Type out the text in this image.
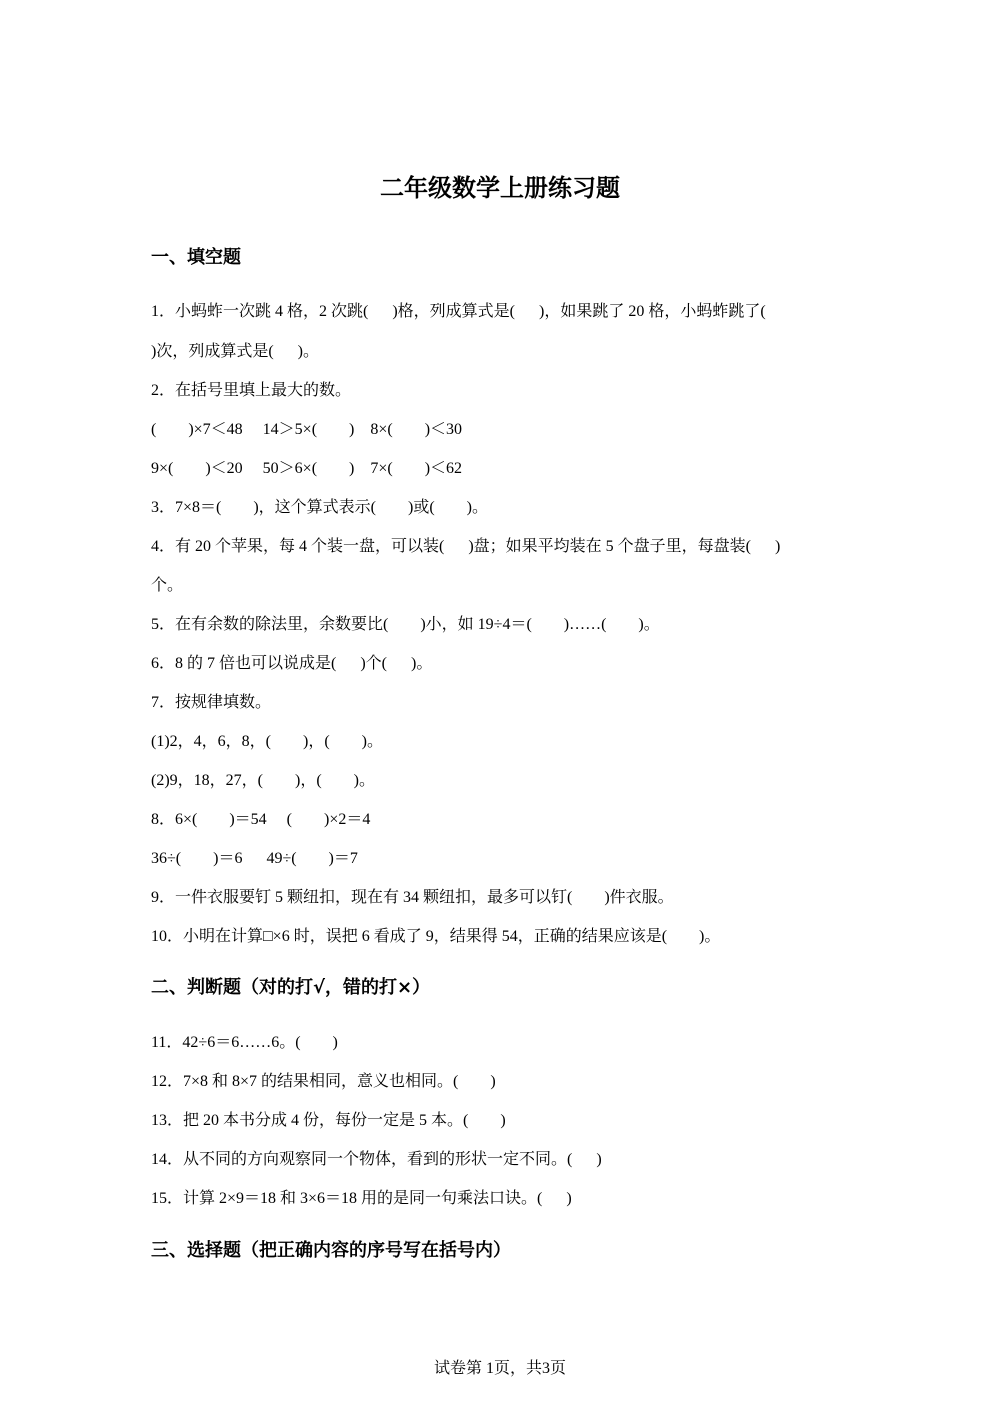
二年级数学上册练习题
一、填空题
1．小蚂蚱一次跳 4 格，2 次跳(      )格，列成算式是(      )，如果跳了 20 格，小蚂蚱跳了(
)次，列成算式是(      )。
2．在括号里填上最大的数。
(        )×7＜48     14＞5×(        )    8×(        )＜30
9×(        )＜20     50＞6×(        )    7×(        )＜62
3．7×8＝(        )，这个算式表示(        )或(        )。
4．有 20 个苹果，每 4 个装一盘，可以装(      )盘；如果平均装在 5 个盘子里，每盘装(      )
个。
5．在有余数的除法里，余数要比(        )小，如 19÷4＝(        )……(        )。
6．8 的 7 倍也可以说成是(      )个(      )。
7．按规律填数。
(1)2，4，6，8，(        )，(        )。
(2)9，18，27，(        )，(        )。
8．6×(        )＝54     (        )×2＝4
36÷(        )＝6      49÷(        )＝7
9．一件衣服要钉 5 颗纽扣，现在有 34 颗纽扣，最多可以钉(        )件衣服。
10．小明在计算□×6 时，误把 6 看成了 9，结果得 54，正确的结果应该是(        )。
二、判断题（对的打√，错的打×）
11．42÷6＝6……6。(        )
12．7×8 和 8×7 的结果相同，意义也相同。(        )
13．把 20 本书分成 4 份，每份一定是 5 本。(        )
14．从不同的方向观察同一个物体，看到的形状一定不同。(      )
15．计算 2×9＝18 和 3×6＝18 用的是同一句乘法口诀。(      )
三、选择题（把正确内容的序号写在括号内）
试卷第 1页，共3页
